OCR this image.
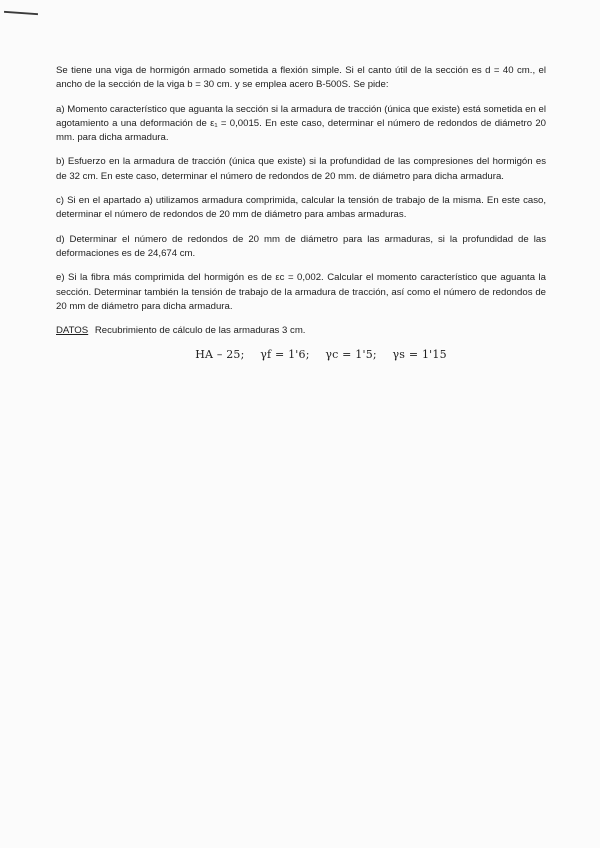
Se tiene una viga de hormigón armado sometida a flexión simple. Si el canto útil de la sección es d = 40 cm., el ancho de la sección de la viga b = 30 cm. y se emplea acero B-500S. Se pide:

a) Momento característico que aguanta la sección si la armadura de tracción (única que existe) está sometida en el agotamiento a una deformación de ε₁ = 0,0015. En este caso, determinar el número de redondos de diámetro 20 mm. para dicha armadura.

b) Esfuerzo en la armadura de tracción (única que existe) si la profundidad de las compresiones del hormigón es de 32 cm. En este caso, determinar el número de redondos de 20 mm. de diámetro para dicha armadura.

c) Si en el apartado a) utilizamos armadura comprimida, calcular la tensión de trabajo de la misma. En este caso, determinar el número de redondos de 20 mm de diámetro para ambas armaduras.

d) Determinar el número de redondos de 20 mm de diámetro para las armaduras, si la profundidad de las deformaciones es de 24,674 cm.

e) Si la fibra más comprimida del hormigón es de εc = 0,002. Calcular el momento característico que aguanta la sección. Determinar también la tensión de trabajo de la armadura de tracción, así como el número de redondos de 20 mm de diámetro para dicha armadura.

DATOS Recubrimiento de cálculo de las armaduras 3 cm.

HA – 25; γf = 1'6; γc = 1'5; γs = 1'15
